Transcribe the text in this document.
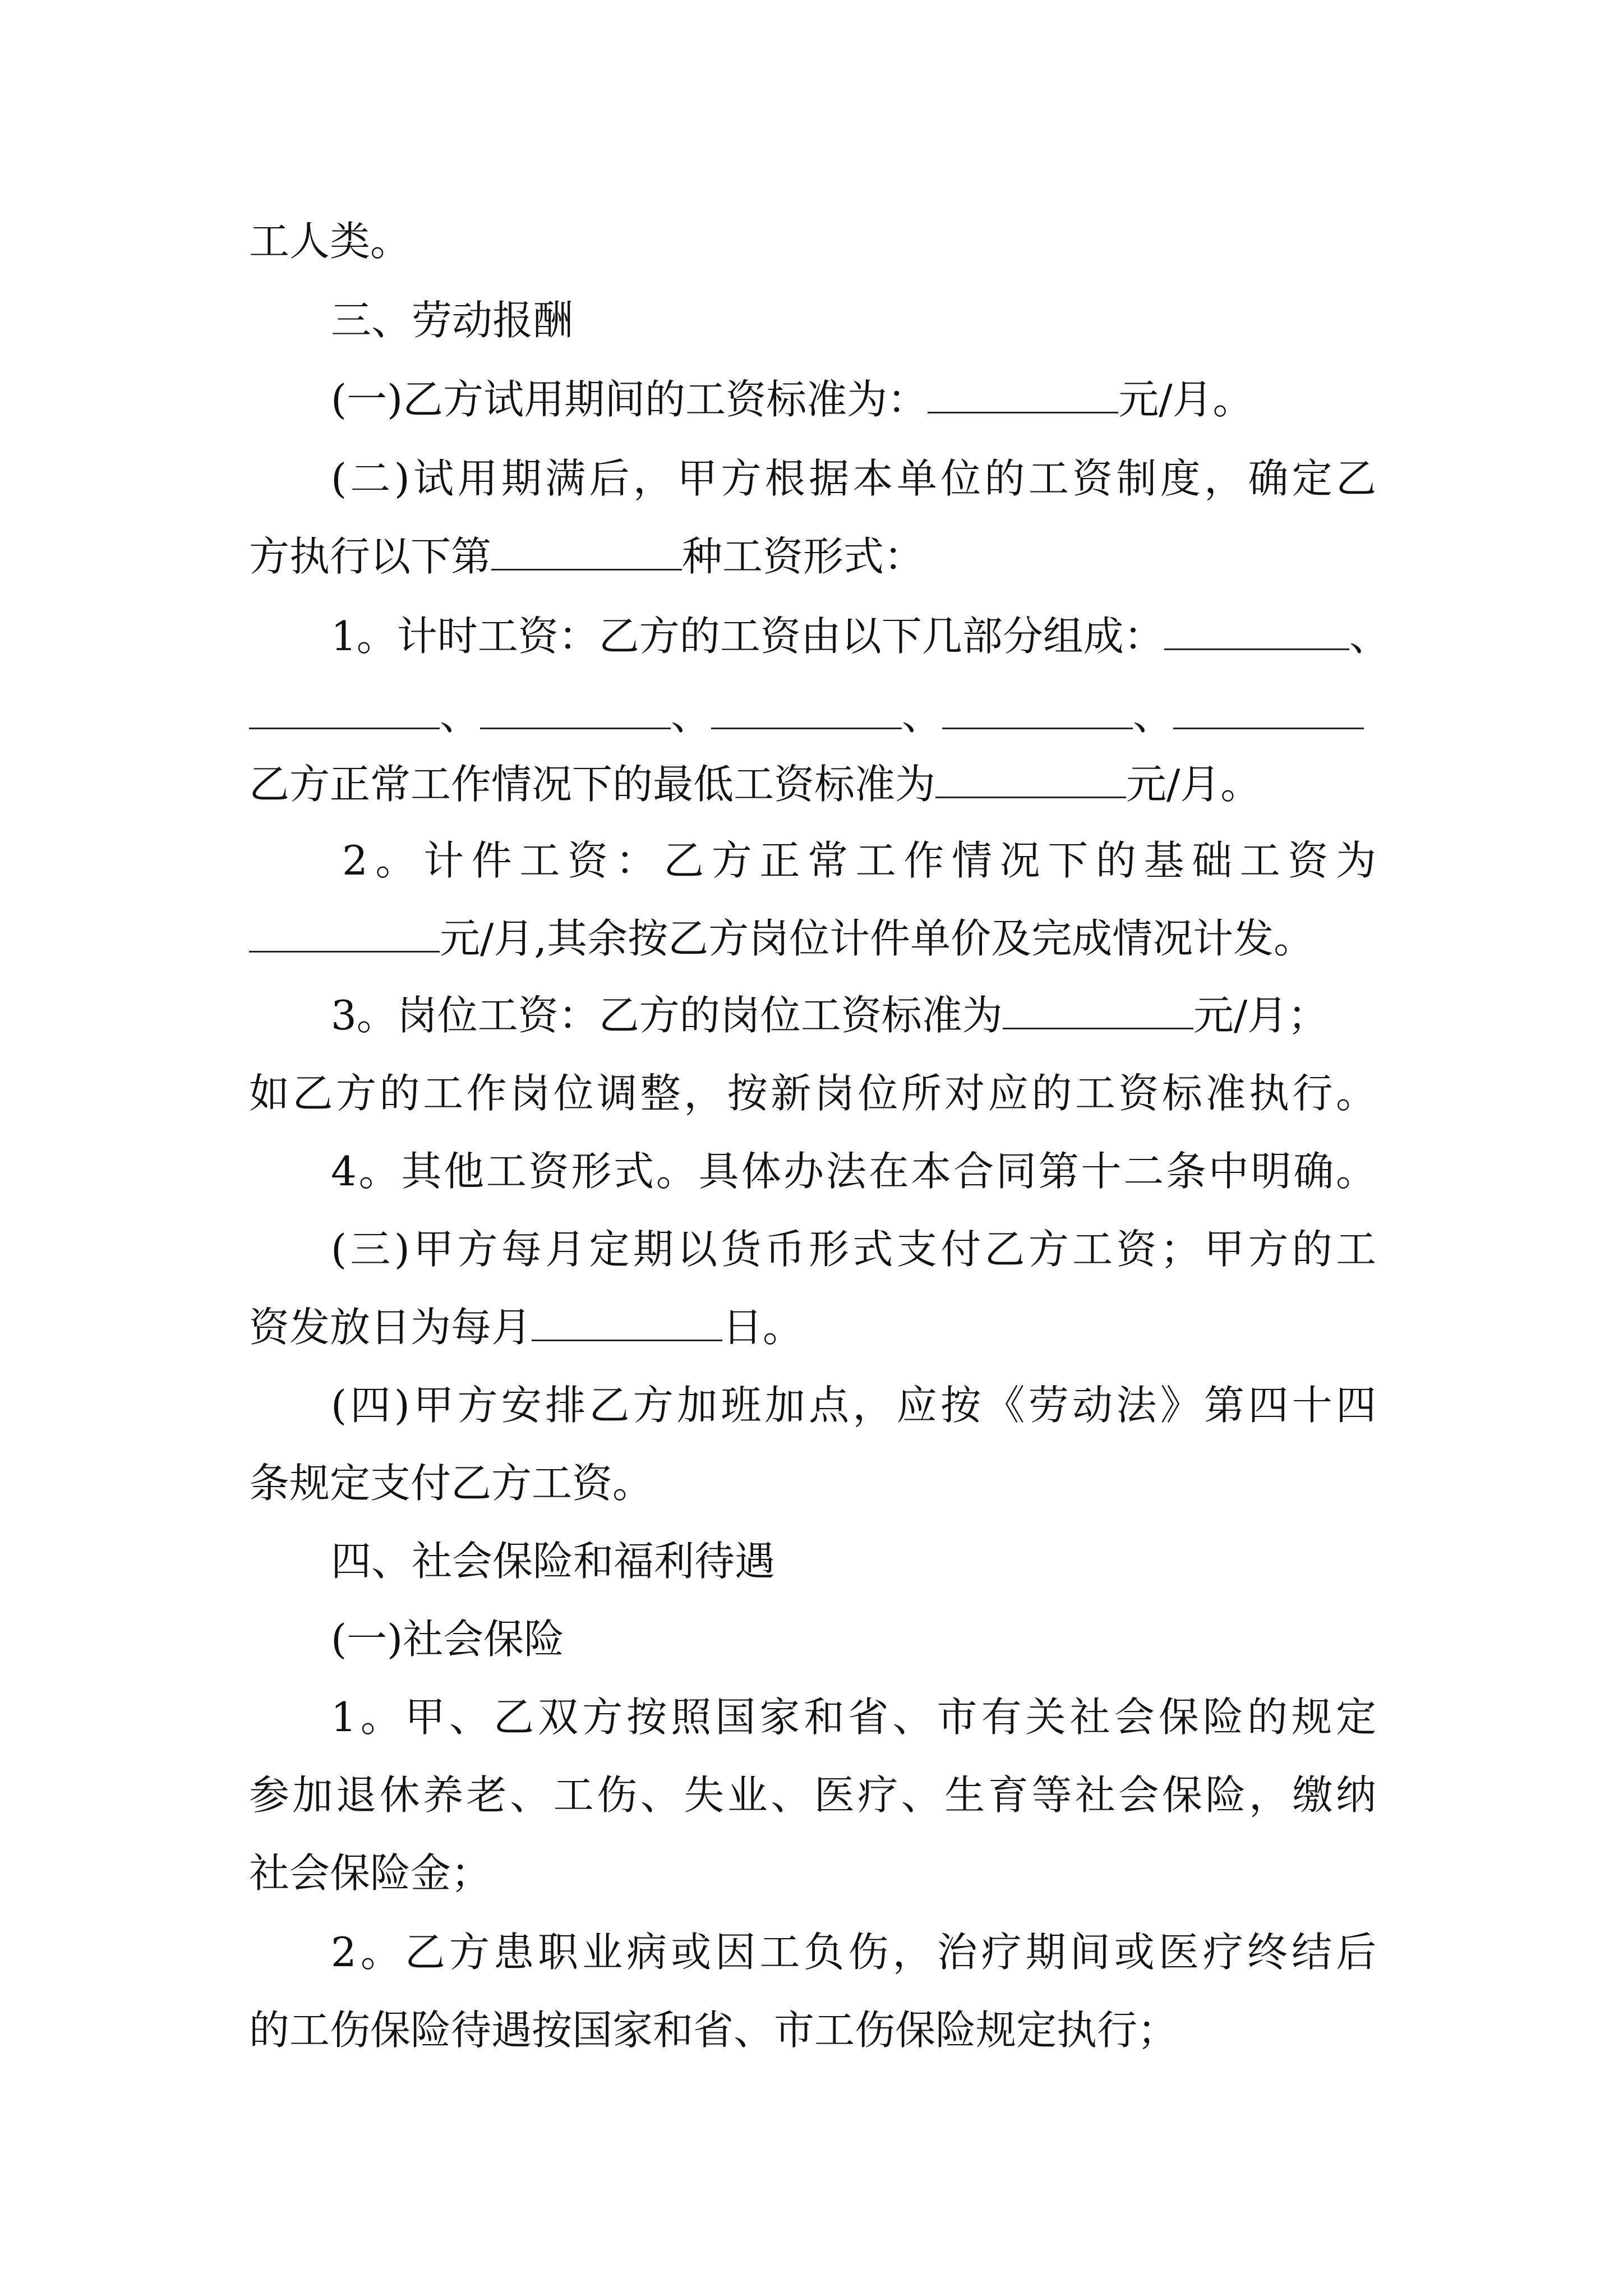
工人类。
三、劳动报酬
(一)乙方试用期间的工资标准为：	元/月。
(二)试用期满后，甲方根据本单位的工资制度，确定乙
方执行以下第	种工资形式：
1。计时工资：乙方的工资由以下几部分组成：	、
、	、	、	、
乙方正常工作情况下的最低工资标准为	元/月。
2。计件工资：乙方正常工作情况下的基础工资为
元/月,其余按乙方岗位计件单价及完成情况计发。
3。岗位工资：乙方的岗位工资标准为	元/月；
如乙方的工作岗位调整，按新岗位所对应的工资标准执行。
4。其他工资形式。具体办法在本合同第十二条中明确。
(三)甲方每月定期以货币形式支付乙方工资；甲方的工
资发放日为每月	日。
(四)甲方安排乙方加班加点，应按《劳动法》第四十四
条规定支付乙方工资。
四、社会保险和福利待遇
(一)社会保险
1。甲、乙双方按照国家和省、市有关社会保险的规定
参加退休养老、工伤、失业、医疗、生育等社会保险，缴纳
社会保险金；
2。乙方患职业病或因工负伤，治疗期间或医疗终结后
的工伤保险待遇按国家和省、市工伤保险规定执行；
